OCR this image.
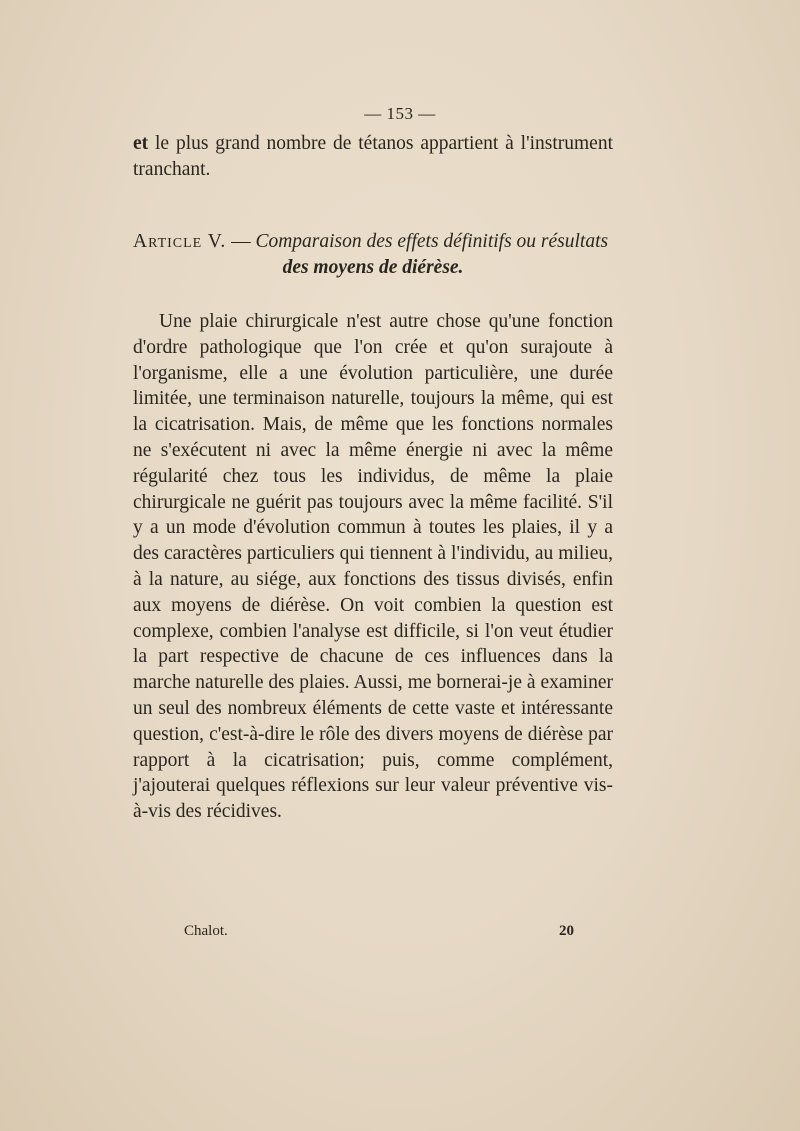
— 153 —

et le plus grand nombre de tétanos appartient à l'instrument tranchant.

Article V. — Comparaison des effets définitifs ou résultats
des moyens de diérèse.

Une plaie chirurgicale n'est autre chose qu'une fonction d'ordre pathologique que l'on crée et qu'on surajoute à l'organisme, elle a une évolution particulière, une durée limitée, une terminaison naturelle, toujours la même, qui est la cicatrisation. Mais, de même que les fonctions normales ne s'exécutent ni avec la même énergie ni avec la même régularité chez tous les individus, de même la plaie chirurgicale ne guérit pas toujours avec la même facilité. S'il y a un mode d'évolution commun à toutes les plaies, il y a des caractères particuliers qui tiennent à l'individu, au milieu, à la nature, au siége, aux fonctions des tissus divisés, enfin aux moyens de diérèse. On voit combien la question est complexe, combien l'analyse est difficile, si l'on veut étudier la part respective de chacune de ces influences dans la marche naturelle des plaies. Aussi, me bornerai-je à examiner un seul des nombreux éléments de cette vaste et intéressante question, c'est-à-dire le rôle des divers moyens de diérèse par rapport à la cicatrisation; puis, comme complément, j'ajouterai quelques réflexions sur leur valeur préventive vis-à-vis des récidives.

Chalot.	20
